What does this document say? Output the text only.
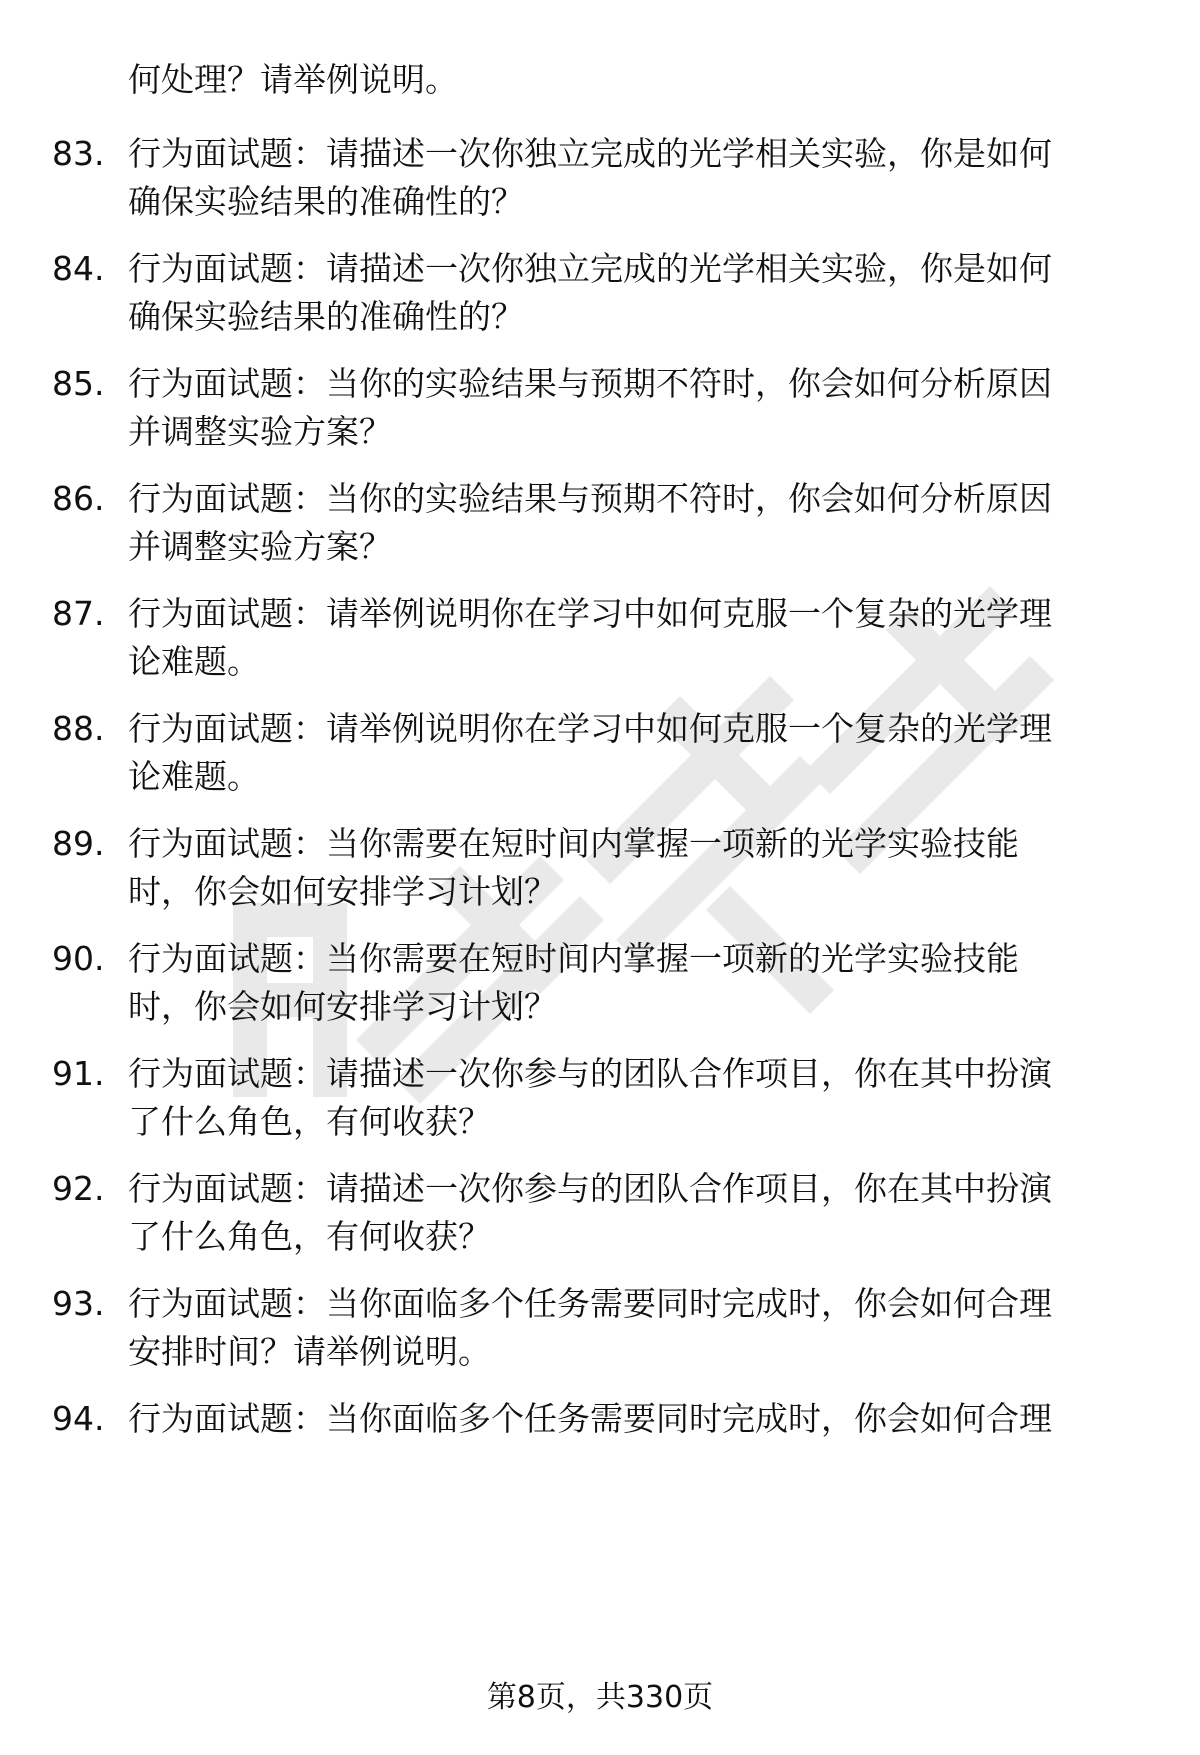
何处理？请举例说明。
83. 行为面试题：请描述一次你独立完成的光学相关实验，你是如何
确保实验结果的准确性的？
84. 行为面试题：请描述一次你独立完成的光学相关实验，你是如何
确保实验结果的准确性的？
85. 行为面试题：当你的实验结果与预期不符时，你会如何分析原因
并调整实验方案？
86. 行为面试题：当你的实验结果与预期不符时，你会如何分析原因
并调整实验方案？
87. 行为面试题：请举例说明你在学习中如何克服一个复杂的光学理
论难题。
88. 行为面试题：请举例说明你在学习中如何克服一个复杂的光学理
论难题。
89. 行为面试题：当你需要在短时间内掌握一项新的光学实验技能
时，你会如何安排学习计划？
90. 行为面试题：当你需要在短时间内掌握一项新的光学实验技能
时，你会如何安排学习计划？
91. 行为面试题：请描述一次你参与的团队合作项目，你在其中扮演
了什么角色，有何收获？
92. 行为面试题：请描述一次你参与的团队合作项目，你在其中扮演
了什么角色，有何收获？
93. 行为面试题：当你面临多个任务需要同时完成时，你会如何合理
安排时间？请举例说明。
94. 行为面试题：当你面临多个任务需要同时完成时，你会如何合理
第8页，共330页
